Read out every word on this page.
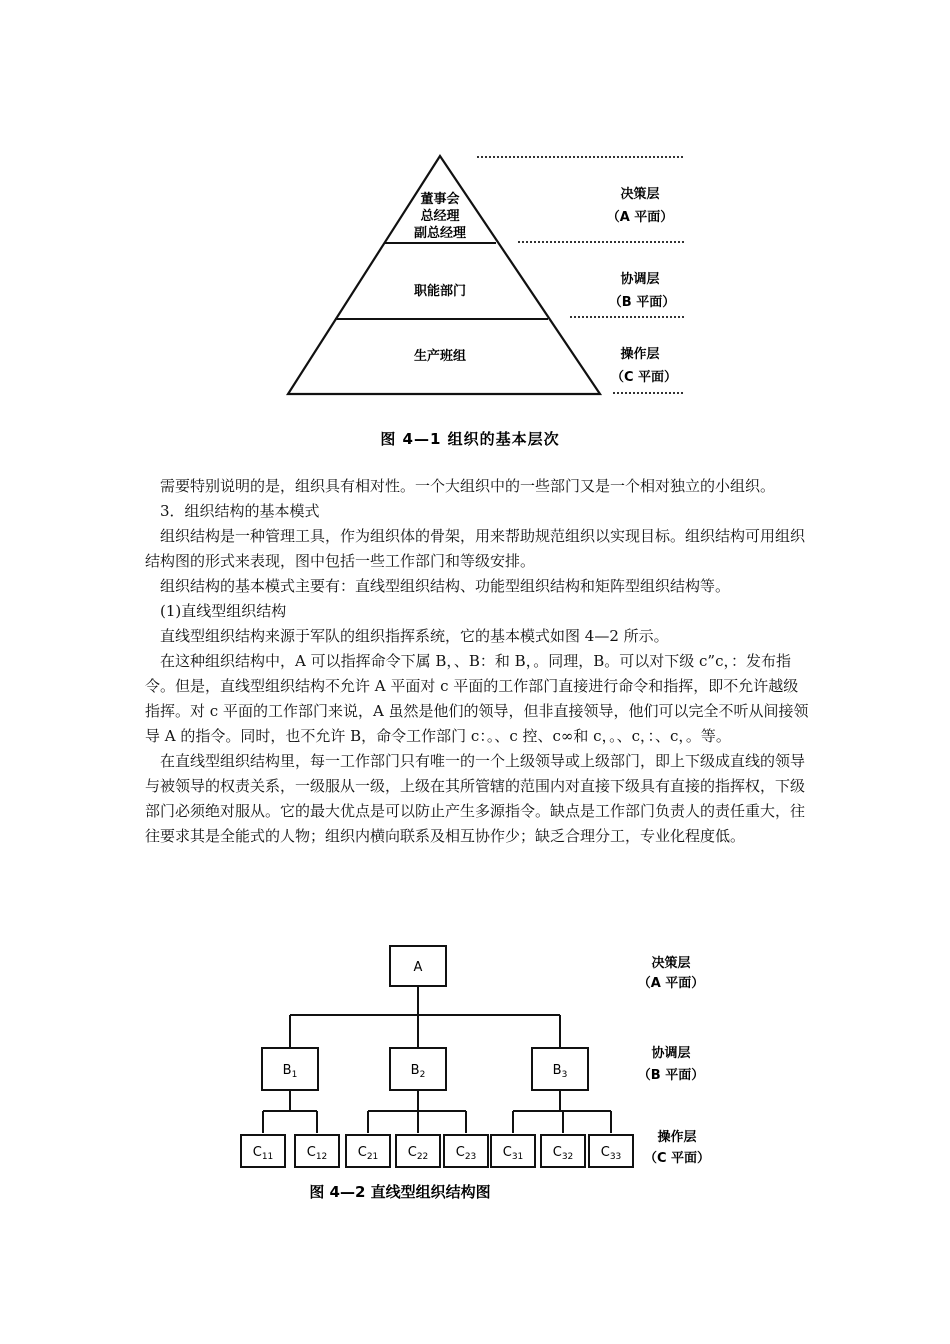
董事会
总经理
副总经理
职能部门
生产班组
决策层
（A 平面）
协调层
（B 平面）
操作层
（C 平面）
图 4—1 组织的基本层次

需要特别说明的是，组织具有相对性。一个大组织中的一些部门又是一个相对独立的小组织。

3．组织结构的基本模式

组织结构是一种管理工具，作为组织体的骨架，用来帮助规范组织以实现目标。组织结构可用组织结构图的形式来表现，图中包括一些工作部门和等级安排。

组织结构的基本模式主要有：直线型组织结构、功能型组织结构和矩阵型组织结构等。

(1)直线型组织结构

直线型组织结构来源于军队的组织指挥系统，它的基本模式如图 4—2 所示。

在这种组织结构中，A 可以指挥命令下属 B，、B：和 B，。同理，B。可以对下级 c”c，：发布指令。但是，直线型组织结构不允许 A 平面对 c 平面的工作部门直接进行命令和指挥，即不允许越级指挥。对 c 平面的工作部门来说，A 虽然是他们的领导，但非直接领导，他们可以完全不听从间接领导 A 的指令。同时，也不允许 B，命令工作部门 c：。、c 控、c∞和 c，。、c，：、c，。等。

在直线型组织结构里，每一工作部门只有唯一的一个上级领导或上级部门，即上下级成直线的领导与被领导的权责关系，一级服从一级，上级在其所管辖的范围内对直接下级具有直接的指挥权，下级部门必须绝对服从。它的最大优点是可以防止产生多源指令。缺点是工作部门负责人的责任重大，往往要求其是全能式的人物；组织内横向联系及相互协作少；缺乏合理分工，专业化程度低。

A
$B_1$	$B_2$	$B_3$
$C_{11}$	$C_{12}$ $C_{21}$ $C_{22}$ $C_{23}$ $C_{31}$ $C_{32}$ $C_{33}$
决策层
（A 平面）
协调层
（B 平面）
操作层
（C 平面）
图 4—2 直线型组织结构图
